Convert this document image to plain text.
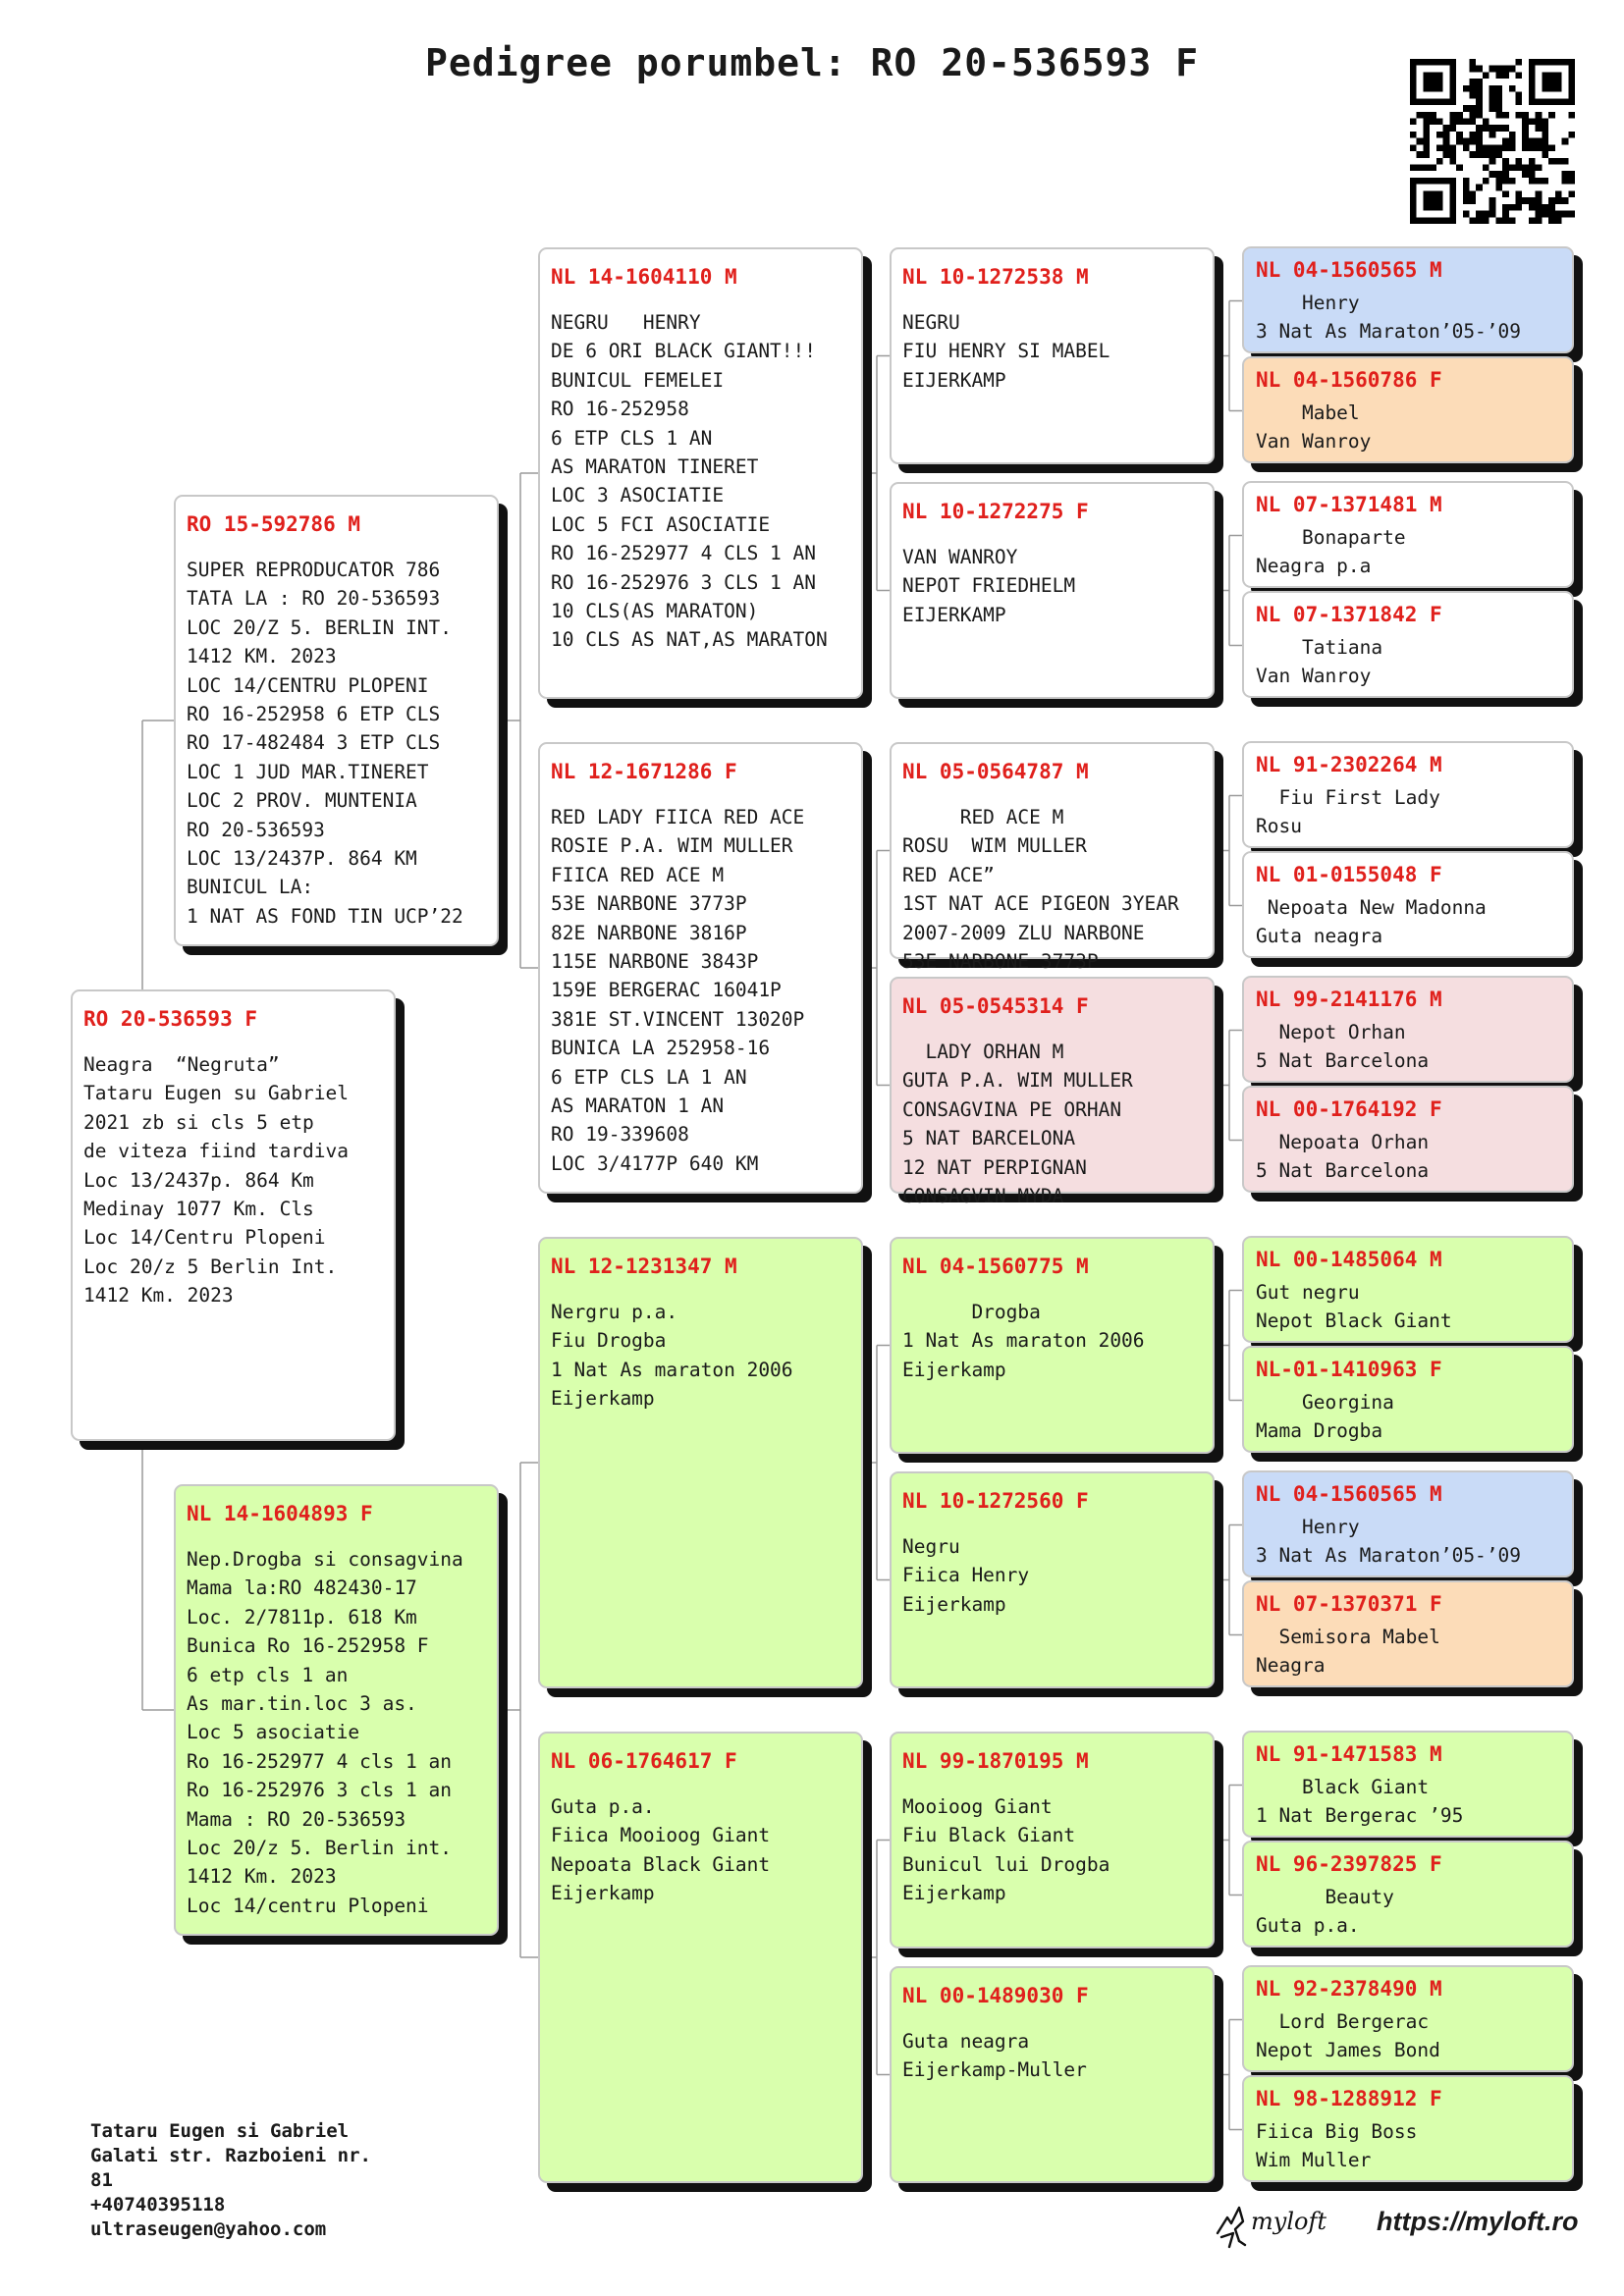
Pedigree porumbel: RO 20-536593 F
RO 20-536593 F
Neagra  “Negruta”
Tataru Eugen su Gabriel
2021 zb si cls 5 etp
de viteza fiind tardiva
Loc 13/2437p. 864 Km
Medinay 1077 Km. Cls
Loc 14/Centru Plopeni
Loc 20/z 5 Berlin Int.
1412 Km. 2023
RO 15-592786 M
SUPER REPRODUCATOR 786
TATA LA : RO 20-536593
LOC 20/Z 5. BERLIN INT.
1412 KM. 2023
LOC 14/CENTRU PLOPENI
RO 16-252958 6 ETP CLS
RO 17-482484 3 ETP CLS
LOC 1 JUD MAR.TINERET
LOC 2 PROV. MUNTENIA
RO 20-536593
LOC 13/2437P. 864 KM
BUNICUL LA:
1 NAT AS FOND TIN UCP’22
NL 14-1604893 F
Nep.Drogba si consagvina
Mama la:RO 482430-17
Loc. 2/7811p. 618 Km
Bunica Ro 16-252958 F
6 etp cls 1 an
As mar.tin.loc 3 as.
Loc 5 asociatie
Ro 16-252977 4 cls 1 an
Ro 16-252976 3 cls 1 an
Mama : RO 20-536593
Loc 20/z 5. Berlin int.
1412 Km. 2023
Loc 14/centru Plopeni
NL 14-1604110 M
NEGRU   HENRY
DE 6 ORI BLACK GIANT!!!
BUNICUL FEMELEI
RO 16-252958
6 ETP CLS 1 AN
AS MARATON TINERET
LOC 3 ASOCIATIE
LOC 5 FCI ASOCIATIE
RO 16-252977 4 CLS 1 AN
RO 16-252976 3 CLS 1 AN
10 CLS(AS MARATON)
10 CLS AS NAT,AS MARATON
NL 12-1671286 F
RED LADY FIICA RED ACE
ROSIE P.A. WIM MULLER
FIICA RED ACE M
53E NARBONE 3773P
82E NARBONE 3816P
115E NARBONE 3843P
159E BERGERAC 16041P
381E ST.VINCENT 13020P
BUNICA LA 252958-16
6 ETP CLS LA 1 AN
AS MARATON 1 AN
RO 19-339608
LOC 3/4177P 640 KM
NL 12-1231347 M
Nergru p.a.
Fiu Drogba
1 Nat As maraton 2006
Eijerkamp
NL 06-1764617 F
Guta p.a.
Fiica Mooioog Giant
Nepoata Black Giant
Eijerkamp
NL 10-1272538 M
NEGRU
FIU HENRY SI MABEL
EIJERKAMP
NL 10-1272275 F
VAN WANROY
NEPOT FRIEDHELM
EIJERKAMP
NL 05-0564787 M
RED ACE M
ROSU  WIM MULLER
RED ACE”
1ST NAT ACE PIGEON 3YEAR
2007-2009 ZLU NARBONE
53E NARBONE 3773P
NL 05-0545314 F
LADY ORHAN M
GUTA P.A. WIM MULLER
CONSAGVINA PE ORHAN
5 NAT BARCELONA
12 NAT PERPIGNAN
CONSAGVIN MYDA
NL 04-1560775 M
Drogba
1 Nat As maraton 2006
Eijerkamp
NL 10-1272560 F
Negru
Fiica Henry
Eijerkamp
NL 99-1870195 M
Mooioog Giant
Fiu Black Giant
Bunicul lui Drogba
Eijerkamp
NL 00-1489030 F
Guta neagra
Eijerkamp-Muller
NL 04-1560565 M
Henry
3 Nat As Maraton’05-’09
NL 04-1560786 F
Mabel
Van Wanroy
NL 07-1371481 M
Bonaparte
Neagra p.a
NL 07-1371842 F
Tatiana
Van Wanroy
NL 91-2302264 M
Fiu First Lady
Rosu
NL 01-0155048 F
Nepoata New Madonna
Guta neagra
NL 99-2141176 M
Nepot Orhan
5 Nat Barcelona
NL 00-1764192 F
Nepoata Orhan
5 Nat Barcelona
NL 00-1485064 M
Gut negru
Nepot Black Giant
NL-01-1410963 F
Georgina
Mama Drogba
NL 04-1560565 M
Henry
3 Nat As Maraton’05-’09
NL 07-1370371 F
Semisora Mabel
Neagra
NL 91-1471583 M
Black Giant
1 Nat Bergerac ’95
NL 96-2397825 F
Beauty
Guta p.a.
NL 92-2378490 M
Lord Bergerac
Nepot James Bond
NL 98-1288912 F
Fiica Big Boss
Wim Muller
Tataru Eugen si Gabriel
Galati str. Razboieni nr.
81
+40740395118
ultraseugen@yahoo.com	myloft https://myloft.ro
